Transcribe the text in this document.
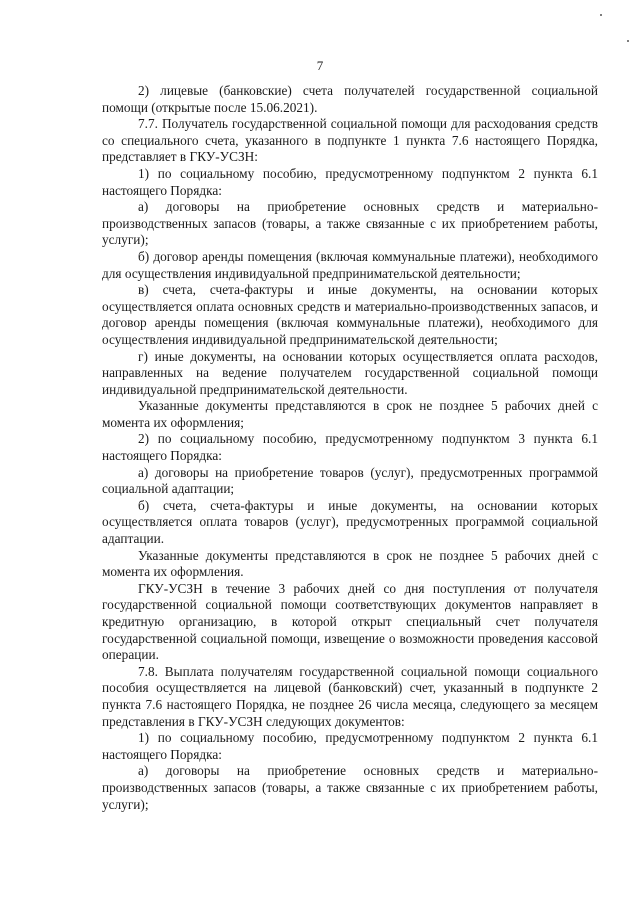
7

2) лицевые (банковские) счета получателей государственной социальной помощи (открытые после 15.06.2021).

7.7. Получатель государственной социальной помощи для расходования средств со специального счета, указанного в подпункте 1 пункта 7.6 настоящего Порядка, представляет в ГКУ-УСЗН:

1) по социальному пособию, предусмотренному подпунктом 2 пункта 6.1 настоящего Порядка:

а) договоры на приобретение основных средств и материально-производственных запасов (товары, а также связанные с их приобретением работы, услуги);

б) договор аренды помещения (включая коммунальные платежи), необходимого для осуществления индивидуальной предпринимательской деятельности;

в) счета, счета-фактуры и иные документы, на основании которых осуществляется оплата основных средств и материально-производственных запасов, и договор аренды помещения (включая коммунальные платежи), необходимого для осуществления индивидуальной предпринимательской деятельности;

г) иные документы, на основании которых осуществляется оплата расходов, направленных на ведение получателем государственной социальной помощи индивидуальной предпринимательской деятельности.

Указанные документы представляются в срок не позднее 5 рабочих дней с момента их оформления;

2) по социальному пособию, предусмотренному подпунктом 3 пункта 6.1 настоящего Порядка:

а) договоры на приобретение товаров (услуг), предусмотренных программой социальной адаптации;

б) счета, счета-фактуры и иные документы, на основании которых осуществляется оплата товаров (услуг), предусмотренных программой социальной адаптации.

Указанные документы представляются в срок не позднее 5 рабочих дней с момента их оформления.

ГКУ-УСЗН в течение 3 рабочих дней со дня поступления от получателя государственной социальной помощи соответствующих документов направляет в кредитную организацию, в которой открыт специальный счет получателя государственной социальной помощи, извещение о возможности проведения кассовой операции.

7.8. Выплата получателям государственной социальной помощи социального пособия осуществляется на лицевой (банковский) счет, указанный в подпункте 2 пункта 7.6 настоящего Порядка, не позднее 26 числа месяца, следующего за месяцем представления в ГКУ-УСЗН следующих документов:

1) по социальному пособию, предусмотренному подпунктом 2 пункта 6.1 настоящего Порядка:

а) договоры на приобретение основных средств и материально-производственных запасов (товары, а также связанные с их приобретением работы, услуги);
